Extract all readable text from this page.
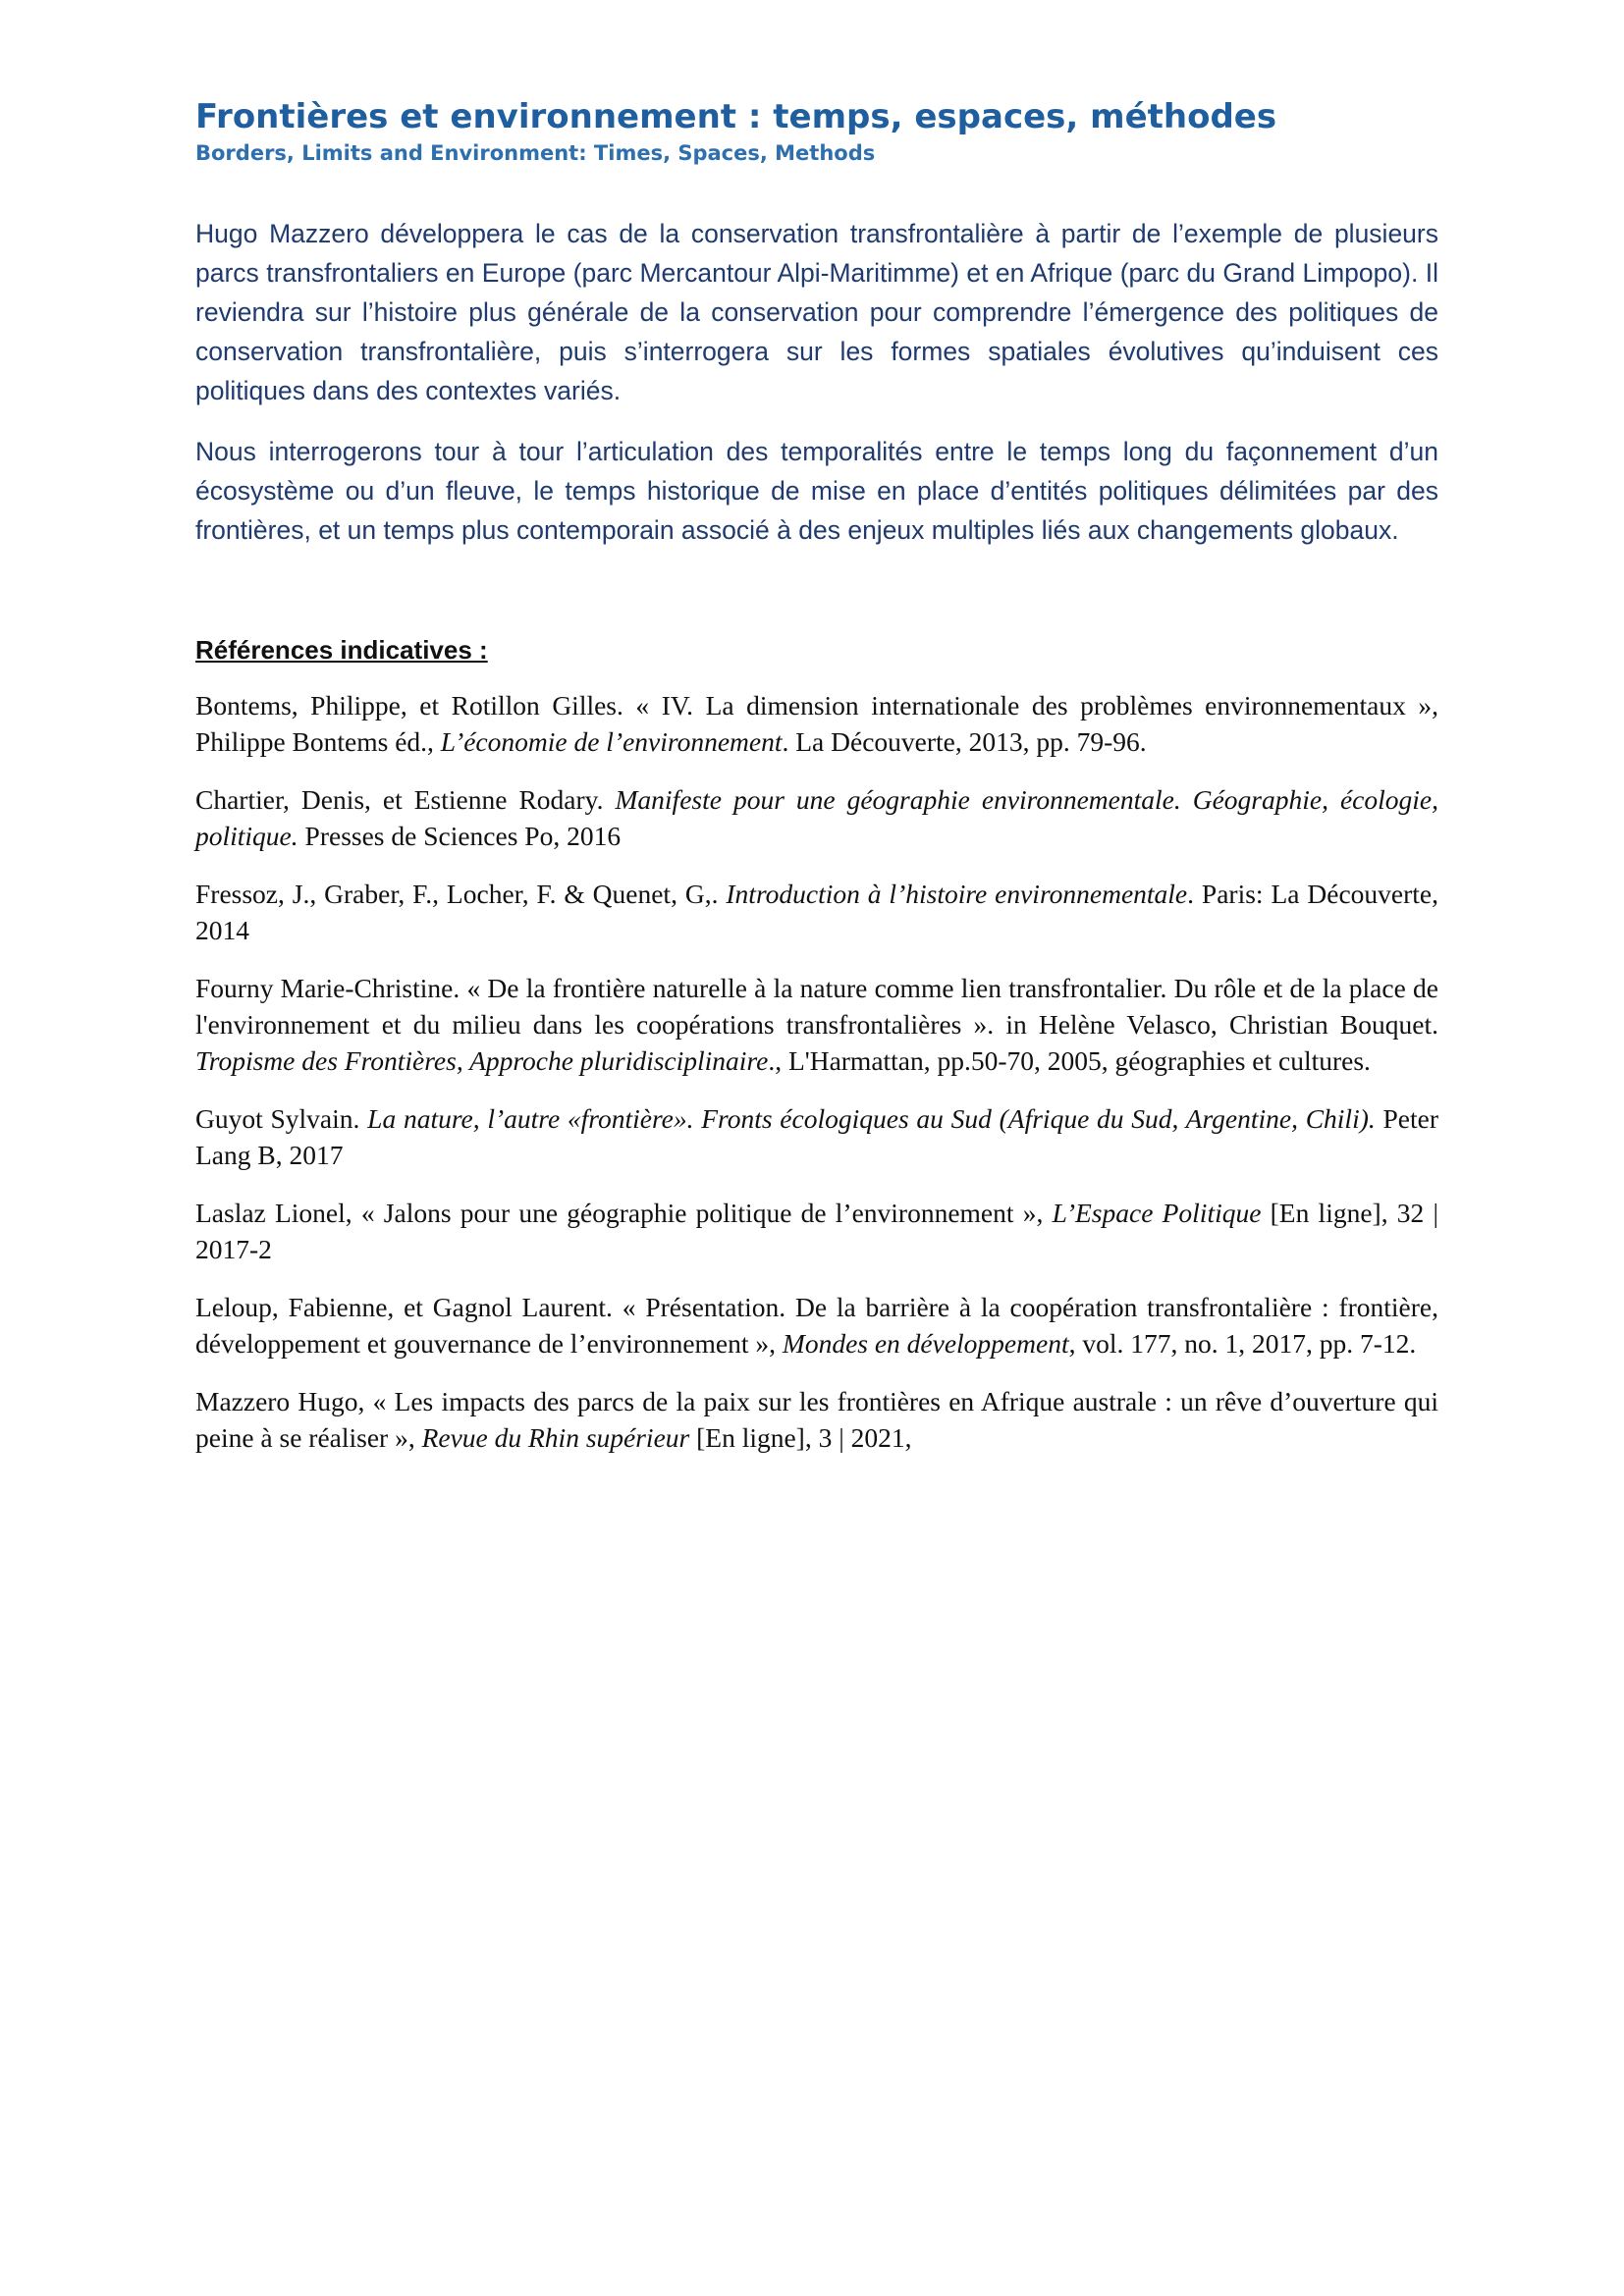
Frontières et environnement : temps, espaces, méthodes
Borders, Limits and Environment: Times, Spaces, Methods

Hugo Mazzero développera le cas de la conservation transfrontalière à partir de l’exemple de plusieurs parcs transfrontaliers en Europe (parc Mercantour Alpi-Maritimme) et en Afrique (parc du Grand Limpopo). Il reviendra sur l’histoire plus générale de la conservation pour comprendre l’émergence des politiques de conservation transfrontalière, puis s’interrogera sur les formes spatiales évolutives qu’induisent ces politiques dans des contextes variés.

Nous interrogerons tour à tour l’articulation des temporalités entre le temps long du façonnement d’un écosystème ou d’un fleuve, le temps historique de mise en place d’entités politiques délimitées par des frontières, et un temps plus contemporain associé à des enjeux multiples liés aux changements globaux.

Références indicatives :

Bontems, Philippe, et Rotillon Gilles. « IV. La dimension internationale des problèmes environnementaux », Philippe Bontems éd., L’économie de l’environnement. La Découverte, 2013, pp. 79-96.

Chartier, Denis, et Estienne Rodary. Manifeste pour une géographie environnementale. Géographie, écologie, politique. Presses de Sciences Po, 2016

Fressoz, J., Graber, F., Locher, F. & Quenet, G,. Introduction à l’histoire environnementale. Paris: La Découverte, 2014

Fourny Marie-Christine. « De la frontière naturelle à la nature comme lien transfrontalier. Du rôle et de la place de l'environnement et du milieu dans les coopérations transfrontalières ». in Helène Velasco, Christian Bouquet. Tropisme des Frontières, Approche pluridisciplinaire., L'Harmattan, pp.50-70, 2005, géographies et cultures.

Guyot Sylvain. La nature, l’autre «frontière». Fronts écologiques au Sud (Afrique du Sud, Argentine, Chili). Peter Lang B, 2017

Laslaz Lionel, « Jalons pour une géographie politique de l’environnement », L’Espace Politique [En ligne], 32 | 2017-2

Leloup, Fabienne, et Gagnol Laurent. « Présentation. De la barrière à la coopération transfrontalière : frontière, développement et gouvernance de l’environnement », Mondes en développement, vol. 177, no. 1, 2017, pp. 7-12.

Mazzero Hugo, « Les impacts des parcs de la paix sur les frontières en Afrique australe : un rêve d’ouverture qui peine à se réaliser », Revue du Rhin supérieur [En ligne], 3 | 2021,
